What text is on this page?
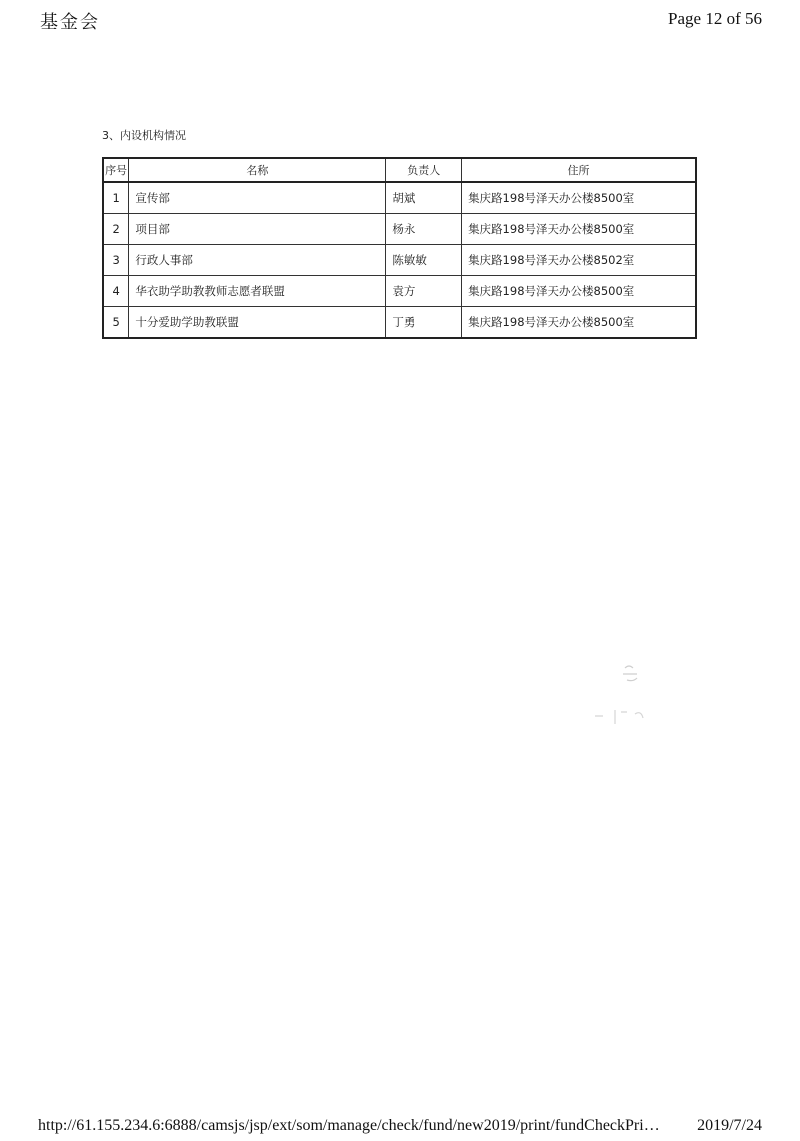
基金会	Page 12 of 56
3、内设机构情况
序号	名称	负责人	住所
1	宣传部	胡斌	集庆路198号泽天办公楼8500室
2	项目部	杨永	集庆路198号泽天办公楼8500室
3	行政人事部	陈敏敏	集庆路198号泽天办公楼8502室
4	华衣助学助教教师志愿者联盟	袁方	集庆路198号泽天办公楼8500室
5	十分爱助学助教联盟	丁勇	集庆路198号泽天办公楼8500室
http://61.155.234.6:6888/camsjs/jsp/ext/som/manage/check/fund/new2019/print/fundCheckPri… 2019/7/24
